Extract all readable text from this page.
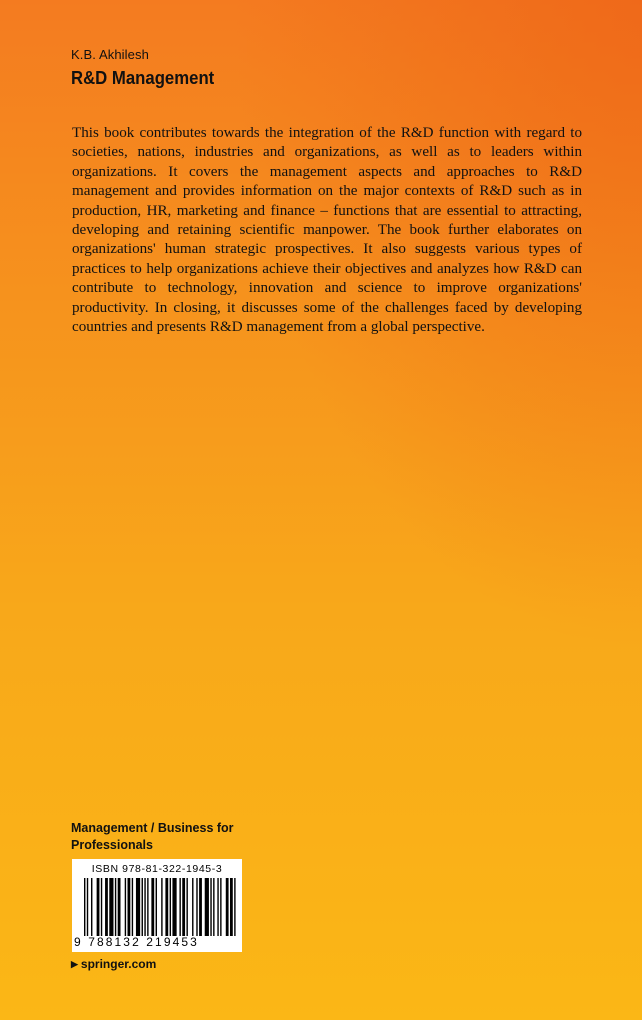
K.B. Akhilesh
R&D Management
This book contributes towards the integration of the R&D function with regard to societies, nations, industries and organizations, as well as to leaders within organizations. It covers the management aspects and approaches to R&D management and provides information on the major contexts of R&D such as in production, HR, marketing and finance – functions that are essential to attracting, developing and retaining scientific manpower. The book further elaborates on organizations' human strategic prospectives. It also suggests various types of practices to help organizations achieve their objectives and analyzes how R&D can contribute to technology, innovation and science to improve organizations' productivity. In closing, it discusses some of the challenges faced by developing countries and presents R&D management from a global perspective.
Management / Business for Professionals
ISBN 978-81-322-1945-3
9 788132 219453
▶ springer.com
